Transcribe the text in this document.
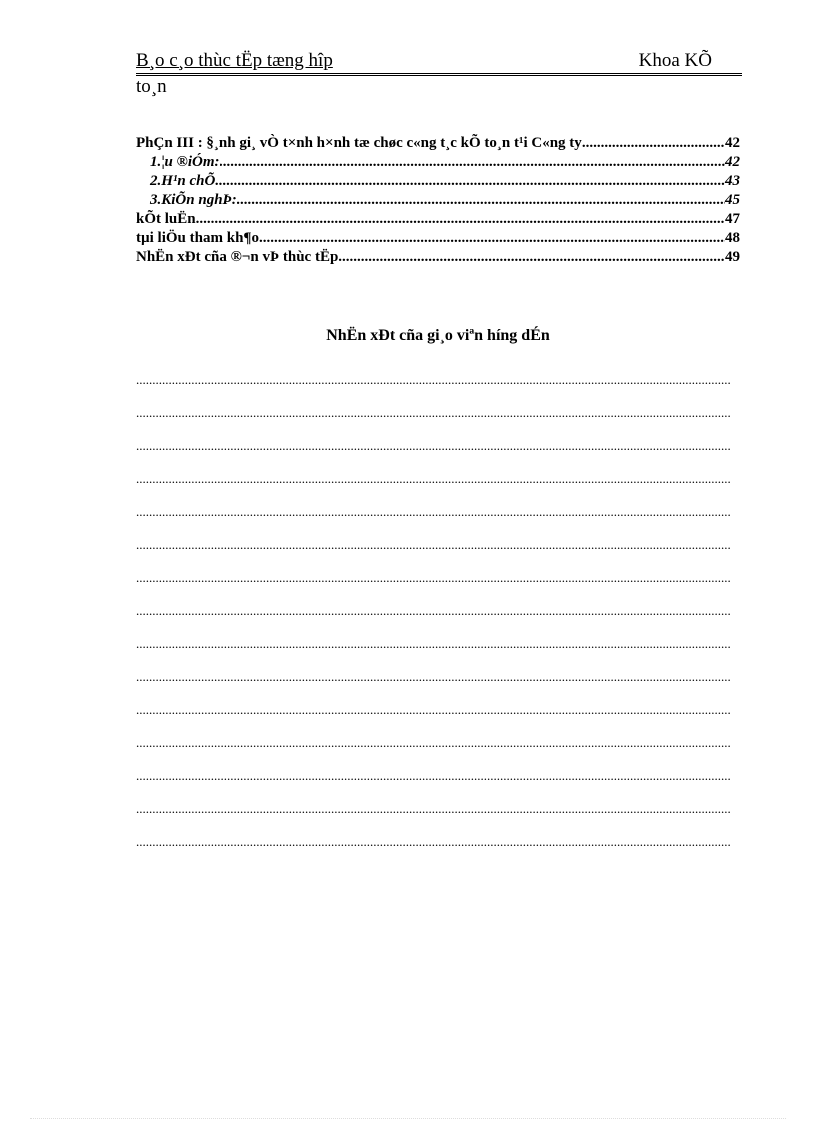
B¸o c¸o thùc tËp tæng hîp	Khoa KÕ
to¸n
PhÇn III : §¸nh gi¸ vÒ t×nh h×nh tæ chøc c«ng t¸c kÕ to¸n t¹i C«ng ty .....	42
1.¦u ®iÓm: .....	42
2.H¹n chÕ .....	43
3.KiÕn nghÞ: .....	45
kÕt luËn .....	47
tµi liÖu tham kh¶o .....	48
NhËn xÐt cña ®¬n vÞ thùc tËp .....	49
NhËn xÐt cña gi¸o viªn híng dÉn
.....
.....
.....
.....
.....
.....
.....
.....
.....
.....
.....
.....
.....
.....
.....
